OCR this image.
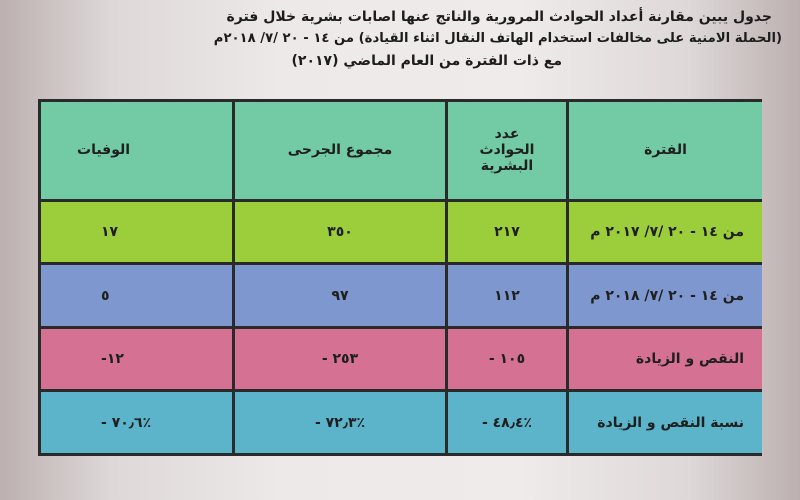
جدول يبين مقارنة أعداد الحوادث المرورية والناتج عنها اصابات بشرية خلال فترة
(الحملة الامنية على مخالفات استخدام الهاتف النقال اثناء القيادة) من ١٤ - ٢٠ /٧/ ٢٠١٨م
مع ذات الفترة من العام الماضي (٢٠١٧)
الفترة	عدد الحوادث البشرية	مجموع الجرحى	الوفيات
من ١٤ - ٢٠ /٧/ ٢٠١٧ م	٢١٧	٣٥٠	١٧
من ١٤ - ٢٠ /٧/ ٢٠١٨ م	١١٢	٩٧	٥
النقص و الزيادة	- ١٠٥	- ٢٥٣	-١٢
نسبة النقص و الزيادة	- ٤٨٫٤٪	- ٧٢٫٣٪	- ٧٠٫٦٪
